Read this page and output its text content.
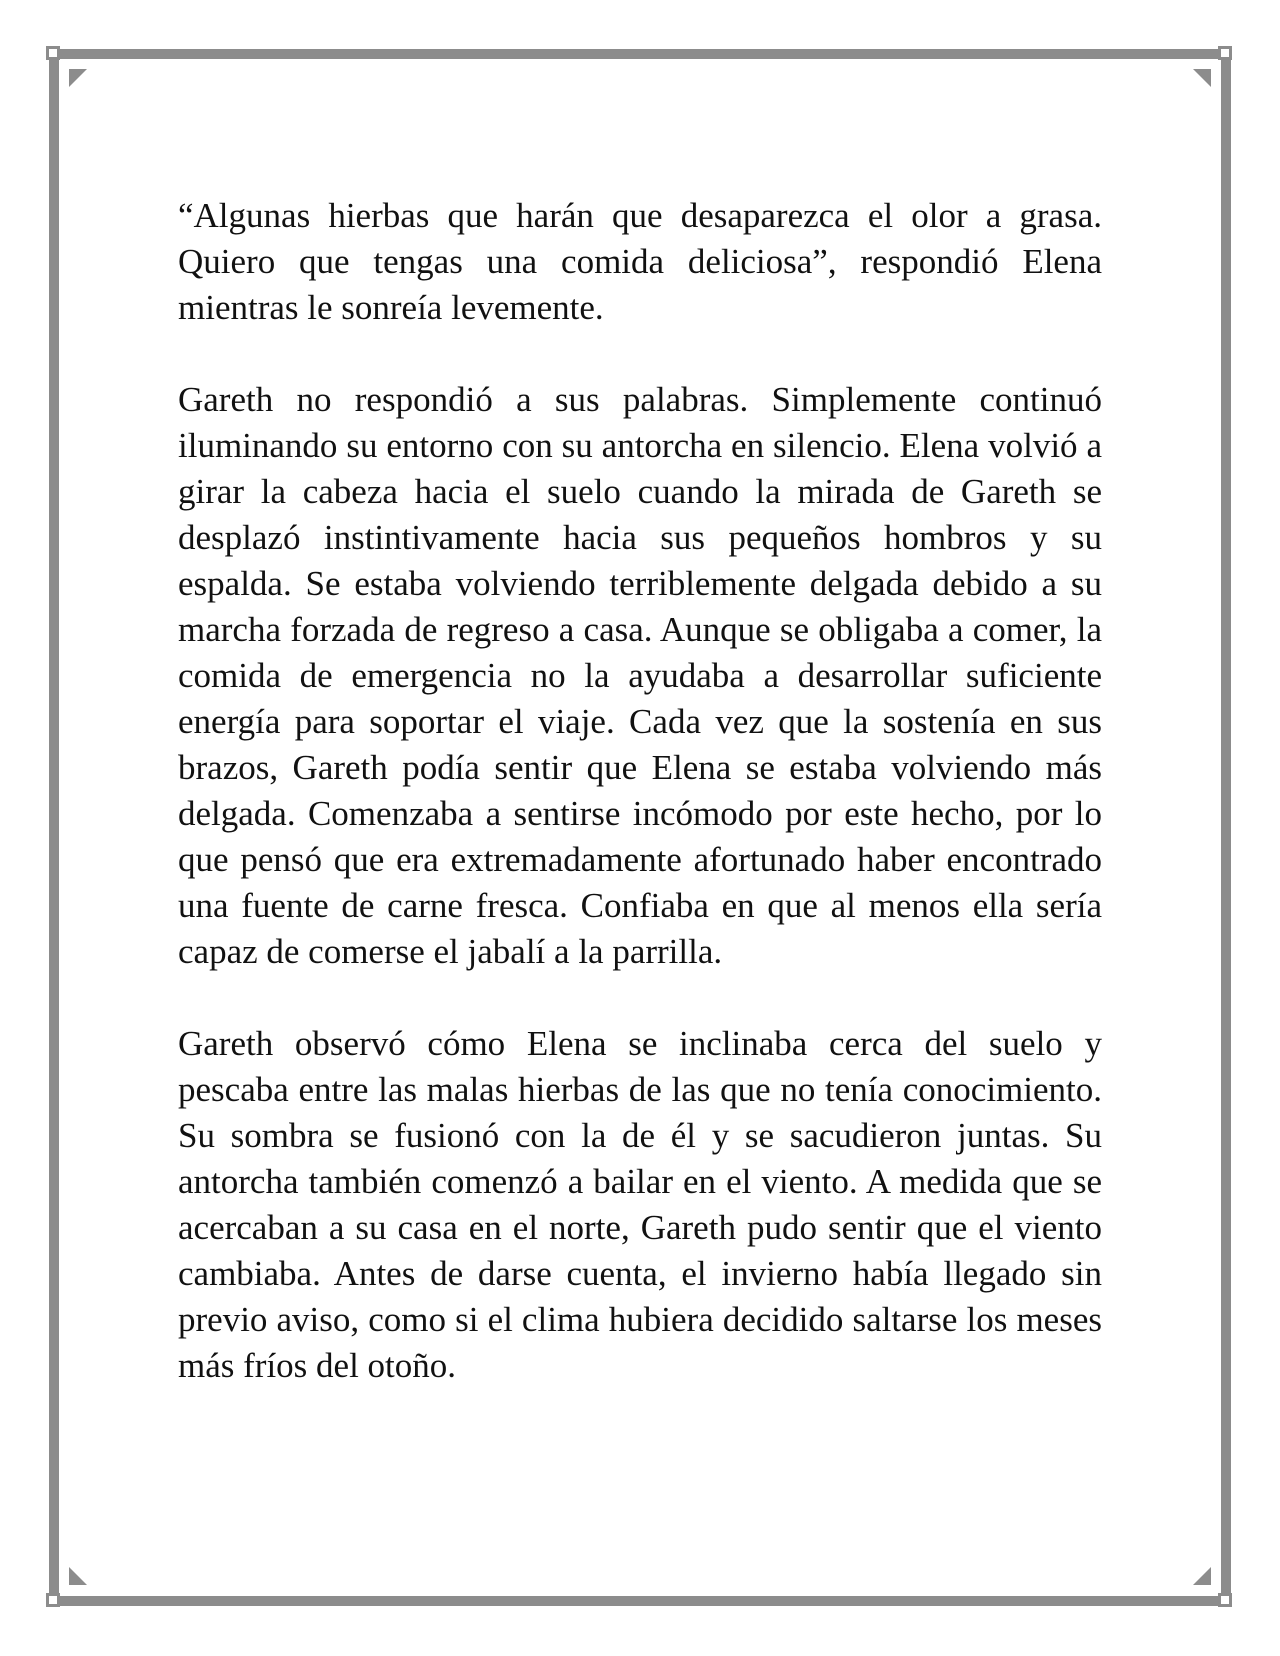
“Algunas hierbas que harán que desaparezca el olor a grasa. Quiero que tengas una comida deliciosa”, respondió Elena mientras le sonreía levemente.

Gareth no respondió a sus palabras. Simplemente continuó iluminando su entorno con su antorcha en silencio. Elena volvió a girar la cabeza hacia el suelo cuando la mirada de Gareth se desplazó instintivamente hacia sus pequeños hombros y su espalda. Se estaba volviendo terriblemente delgada debido a su marcha forzada de regreso a casa. Aunque se obligaba a comer, la comida de emergencia no la ayudaba a desarrollar suficiente energía para soportar el viaje. Cada vez que la sostenía en sus brazos, Gareth podía sentir que Elena se estaba volviendo más delgada. Comenzaba a sentirse incómodo por este hecho, por lo que pensó que era extremadamente afortunado haber encontrado una fuente de carne fresca. Confiaba en que al menos ella sería capaz de comerse el jabalí a la parrilla.

Gareth observó cómo Elena se inclinaba cerca del suelo y pescaba entre las malas hierbas de las que no tenía conocimiento. Su sombra se fusionó con la de él y se sacudieron juntas. Su antorcha también comenzó a bailar en el viento. A medida que se acercaban a su casa en el norte, Gareth pudo sentir que el viento cambiaba. Antes de darse cuenta, el invierno había llegado sin previo aviso, como si el clima hubiera decidido saltarse los meses más fríos del otoño.
